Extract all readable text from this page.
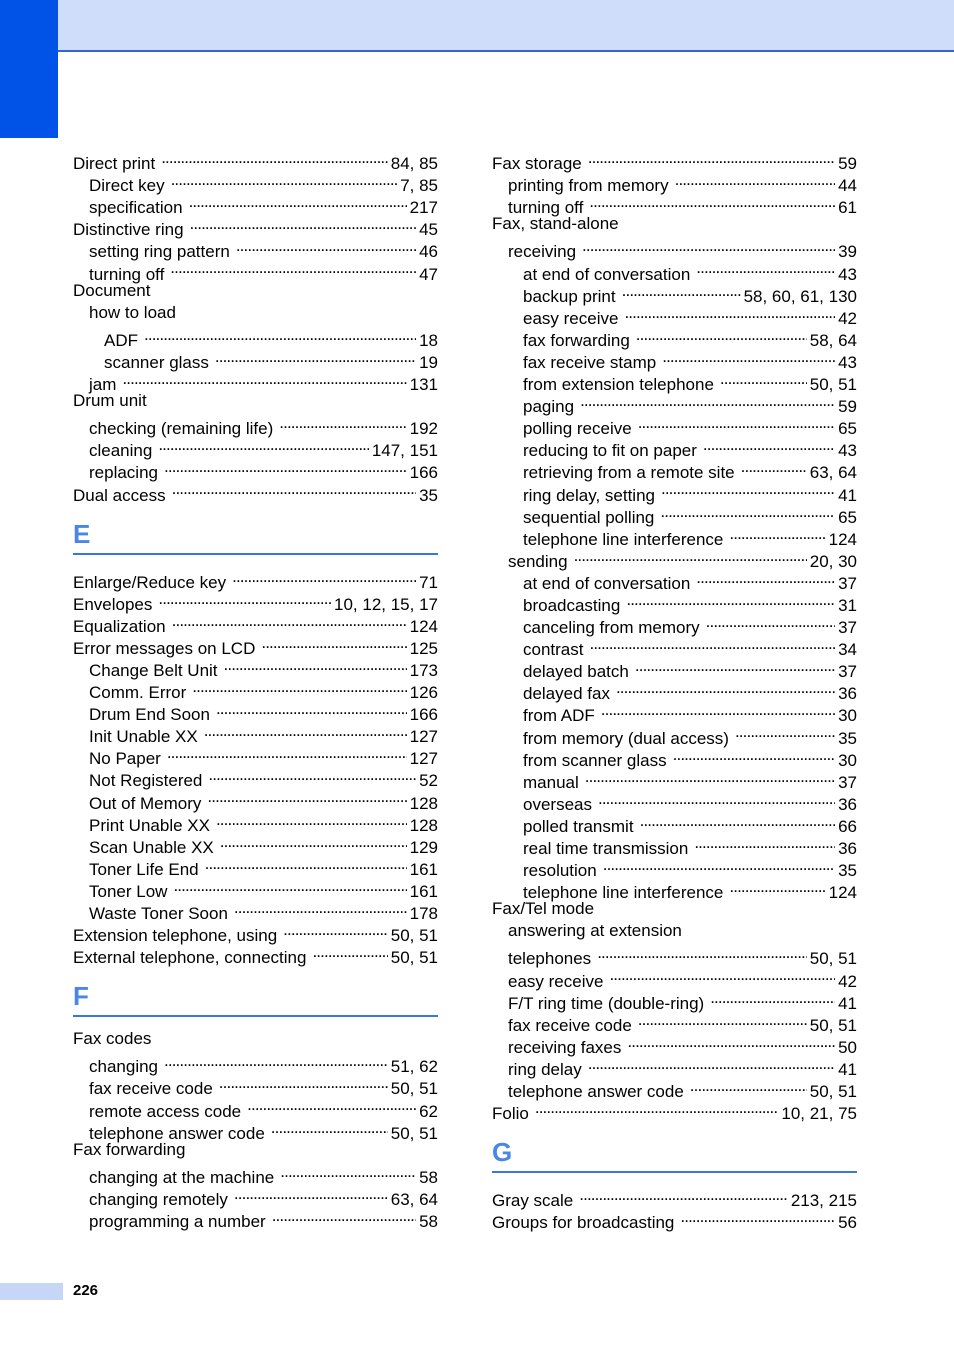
Direct print . . .	84, 85
Direct key . . .	7, 85
specification . . .	217
Distinctive ring . . .	45
setting ring pattern . . .	46
turning off . . .	47
Document
how to load
ADF . . .	18
scanner glass . . .	19
jam . . .	131
Drum unit
checking (remaining life) . . .	192
cleaning . . .	147, 151
replacing . . .	166
Dual access . . .	35
E
Enlarge/Reduce key . . .	71
Envelopes . . .	10, 12, 15, 17
Equalization . . .	124
Error messages on LCD . . .	125
Change Belt Unit . . .	173
Comm. Error . . .	126
Drum End Soon . . .	166
Init Unable XX . . .	127
No Paper . . .	127
Not Registered . . .	52
Out of Memory . . .	128
Print Unable XX . . .	128
Scan Unable XX . . .	129
Toner Life End . . .	161
Toner Low . . .	161
Waste Toner Soon . . .	178
Extension telephone, using . . .	50, 51
External telephone, connecting . . .	50, 51
F
Fax codes
changing . . .	51, 62
fax receive code . . .	50, 51
remote access code . . .	62
telephone answer code . . .	50, 51
Fax forwarding
changing at the machine . . .	58
changing remotely . . .	63, 64
programming a number . . .	58
Fax storage . . .	59
printing from memory . . .	44
turning off . . .	61
Fax, stand-alone
receiving . . .	39
at end of conversation . . .	43
backup print . . .	58, 60, 61, 130
easy receive . . .	42
fax forwarding . . .	58, 64
fax receive stamp . . .	43
from extension telephone . . .	50, 51
paging . . .	59
polling receive . . .	65
reducing to fit on paper . . .	43
retrieving from a remote site . . .	63, 64
ring delay, setting . . .	41
sequential polling . . .	65
telephone line interference . . .	124
sending . . .	20, 30
at end of conversation . . .	37
broadcasting . . .	31
canceling from memory . . .	37
contrast . . .	34
delayed batch . . .	37
delayed fax . . .	36
from ADF . . .	30
from memory (dual access) . . .	35
from scanner glass . . .	30
manual . . .	37
overseas . . .	36
polled transmit . . .	66
real time transmission . . .	36
resolution . . .	35
telephone line interference . . .	124
Fax/Tel mode
answering at extension
telephones . . .	50, 51
easy receive . . .	42
F/T ring time (double-ring) . . .	41
fax receive code . . .	50, 51
receiving faxes . . .	50
ring delay . . .	41
telephone answer code . . .	50, 51
Folio . . .	10, 21, 75
G
Gray scale . . .	213, 215
Groups for broadcasting . . .	56
226
